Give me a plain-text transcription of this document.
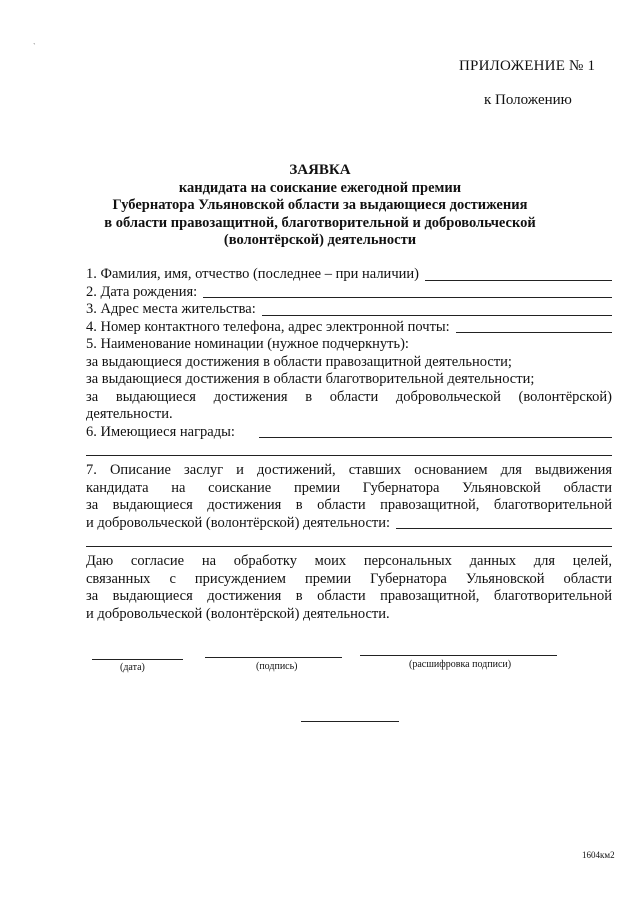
`
ПРИЛОЖЕНИЕ № 1
к Положению
ЗАЯВКА
кандидата на соискание ежегодной премии
Губернатора Ульяновской области за выдающиеся достижения
в области правозащитной, благотворительной и добровольческой
(волонтёрской) деятельности
1. Фамилия, имя, отчество (последнее – при наличии)
2. Дата рождения:
3. Адрес места жительства:
4. Номер контактного телефона, адрес электронной почты:
5. Наименование номинации (нужное подчеркнуть):
за выдающиеся достижения в области правозащитной деятельности;
за выдающиеся достижения в области благотворительной деятельности;
за выдающиеся достижения в области добровольческой (волонтёрской)
деятельности.
6. Имеющиеся награды:
7. Описание заслуг и достижений, ставших основанием для выдвижения
кандидата на соискание премии Губернатора Ульяновской области
за выдающиеся достижения в области правозащитной, благотворительной
и добровольческой (волонтёрской) деятельности:
Даю согласие на обработку моих персональных данных для целей,
связанных с присуждением премии Губернатора Ульяновской области
за выдающиеся достижения в области правозащитной, благотворительной
и добровольческой (волонтёрской) деятельности.
(дата)	(подпись)	(расшифровка подписи)
1604км2
